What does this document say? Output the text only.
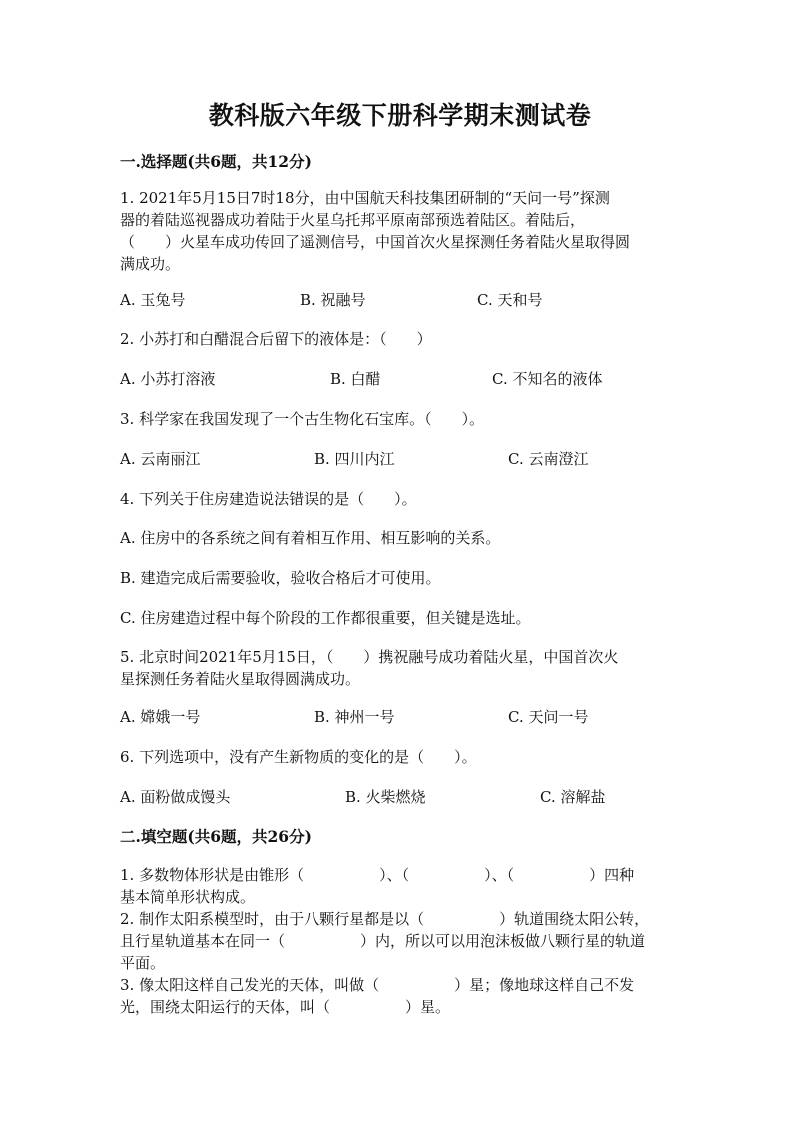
教科版六年级下册科学期末测试卷
一.选择题(共6题，共12分)
1. 2021年5月15日7时18分，由中国航天科技集团研制的“天问一号”探测
器的着陆巡视器成功着陆于火星乌托邦平原南部预选着陆区。着陆后，
（　　）火星车成功传回了遥测信号，中国首次火星探测任务着陆火星取得圆
满成功。
A. 玉兔号	B. 祝融号	C. 天和号
2. 小苏打和白醋混合后留下的液体是：（　　）
A. 小苏打溶液	B. 白醋	C. 不知名的液体
3. 科学家在我国发现了一个古生物化石宝库。（　　）。
A. 云南丽江	B. 四川内江	C. 云南澄江
4. 下列关于住房建造说法错误的是（　　）。
A. 住房中的各系统之间有着相互作用、相互影响的关系。
B. 建造完成后需要验收，验收合格后才可使用。
C. 住房建造过程中每个阶段的工作都很重要，但关键是选址。
5. 北京时间2021年5月15日，（　　）携祝融号成功着陆火星，中国首次火
星探测任务着陆火星取得圆满成功。
A. 嫦娥一号	B. 神州一号	C. 天问一号
6. 下列选项中，没有产生新物质的变化的是（　　）。
A. 面粉做成馒头	B. 火柴燃烧	C. 溶解盐
二.填空题(共6题，共26分)
1. 多数物体形状是由锥形（　　　　　）、（　　　　　）、（　　　　　）四种
基本简单形状构成。
2. 制作太阳系模型时，由于八颗行星都是以（　　　　　）轨道围绕太阳公转，
且行星轨道基本在同一（　　　　　）内，所以可以用泡沫板做八颗行星的轨道
平面。
3. 像太阳这样自己发光的天体，叫做（　　　　　）星；像地球这样自己不发
光，围绕太阳运行的天体，叫（　　　　　）星。
